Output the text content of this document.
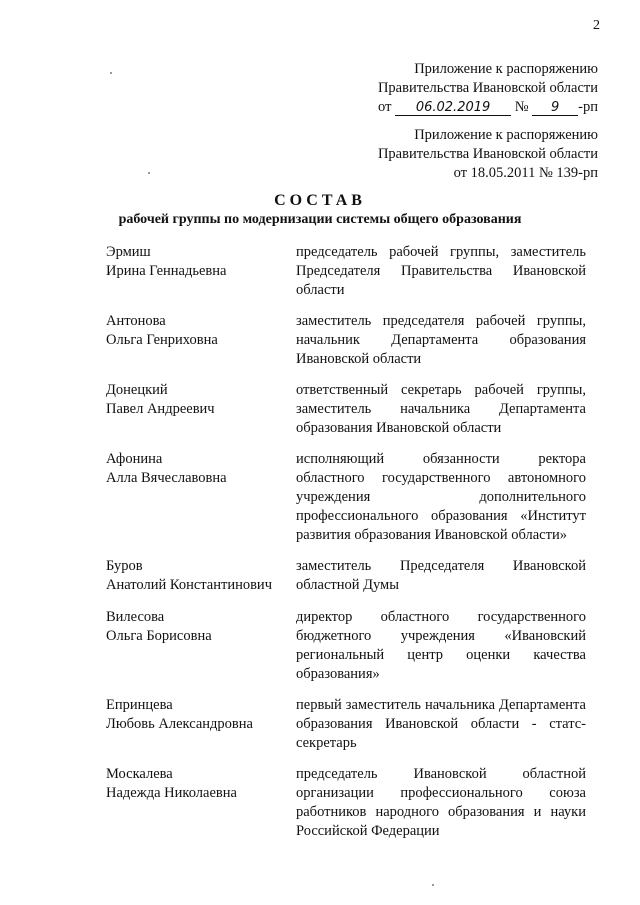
2
Приложение к распоряжению
Правительства Ивановской области
от 06.02.2019 № 9 -рп
Приложение к распоряжению
Правительства Ивановской области
от 18.05.2011 № 139-рп
СОСТАВ
рабочей группы по модернизации системы общего образования
Эрмиш
Ирина Геннадьевна
председатель рабочей группы, заместитель Председателя Правительства Ивановской области
Антонова
Ольга Генриховна
заместитель председателя рабочей группы, начальник Департамента образования Ивановской области
Донецкий
Павел Андреевич
ответственный секретарь рабочей группы, заместитель начальника Департамента образования Ивановской области
Афонина
Алла Вячеславовна
исполняющий обязанности ректора областного государственного автономного учреждения дополнительного профессионального образования «Институт развития образования Ивановской области»
Буров
Анатолий Константинович
заместитель Председателя Ивановской областной Думы
Вилесова
Ольга Борисовна
директор областного государственного бюджетного учреждения «Ивановский региональный центр оценки качества образования»
Епринцева
Любовь Александровна
первый заместитель начальника Департамента образования Ивановской области - статс-секретарь
Москалева
Надежда Николаевна
председатель Ивановской областной организации профессионального союза работников народного образования и науки Российской Федерации
